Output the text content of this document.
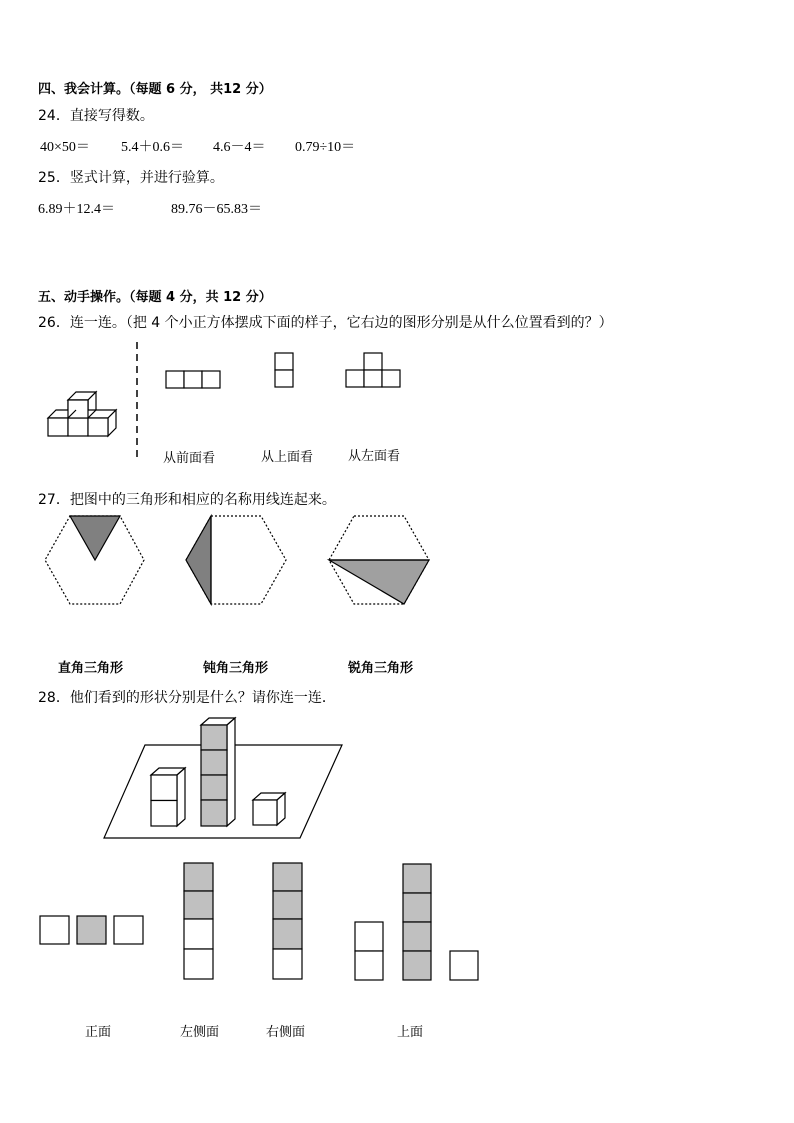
四、我会计算。（每题 6 分， 共12 分）
24．直接写得数。
40×50＝ 5.4＋0.6＝ 4.6－4＝ 0.79÷10＝
25．竖式计算，并进行验算。
6.89＋12.4＝	89.76－65.83＝
五、动手操作。（每题 4 分，共 12 分）
26．连一连。（把 4 个小正方体摆成下面的样子，它右边的图形分别是从什么位置看到的？）
从前面看	从上面看	从左面看
27．把图中的三角形和相应的名称用线连起来。
直角三角形	钝角三角形	锐角三角形
28．他们看到的形状分别是什么？请你连一连．
正面	左侧面	右侧面	上面
